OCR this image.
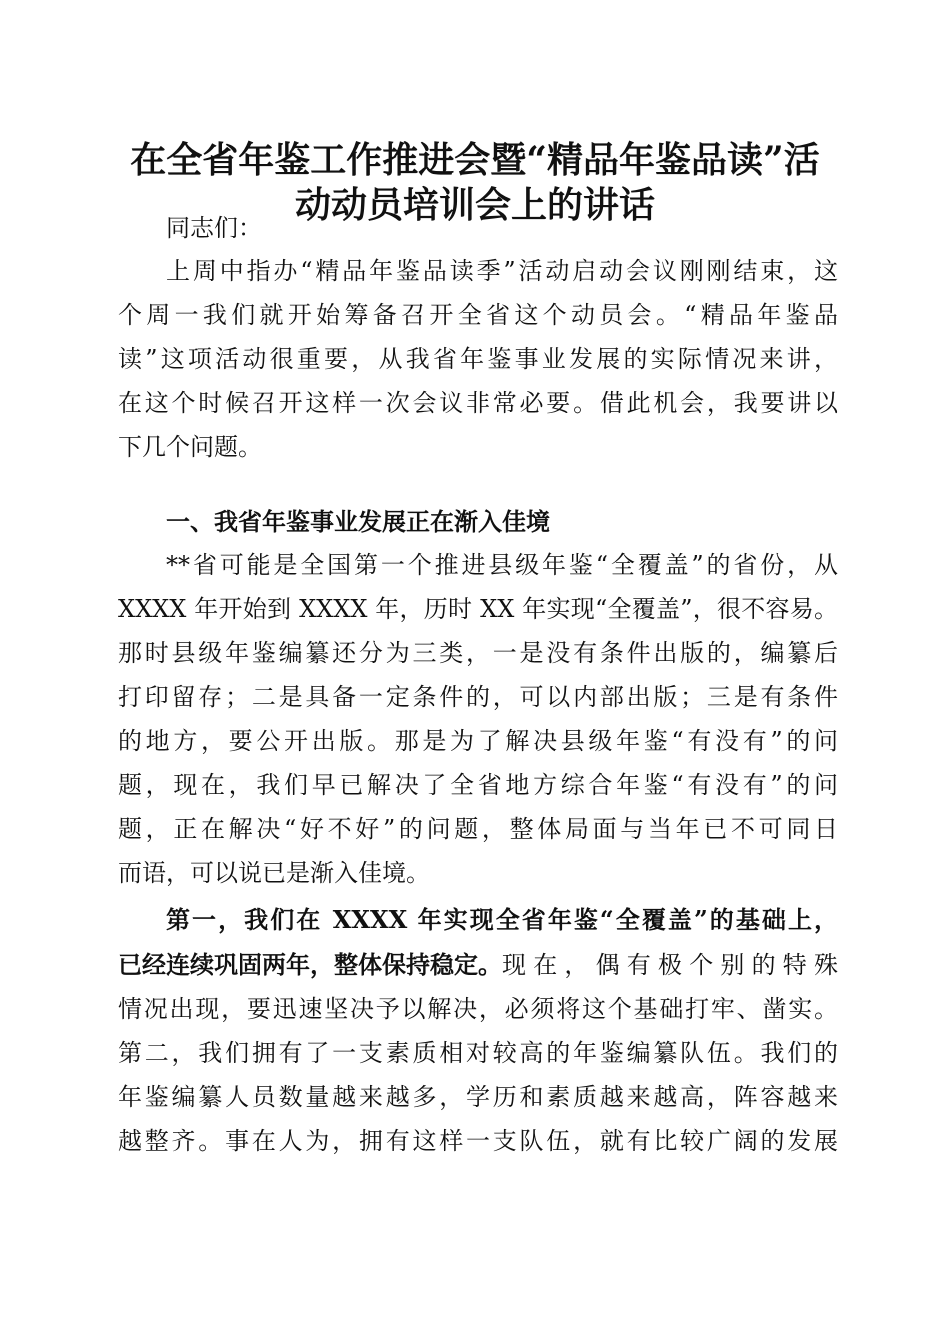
在全省年鉴工作推进会暨“精品年鉴品读”活
动动员培训会上的讲话

同志们：

上周中指办“精品年鉴品读季”活动启动会议刚刚结束，这

个周一我们就开始筹备召开全省这个动员会。“精品年鉴品

读”这项活动很重要，从我省年鉴事业发展的实际情况来讲，

在这个时候召开这样一次会议非常必要。借此机会，我要讲以

下几个问题。

一、我省年鉴事业发展正在渐入佳境

**省可能是全国第一个推进县级年鉴“全覆盖”的省份，从

XXXX 年开始到 XXXX 年，历时 XX 年实现“全覆盖”，很不容易。

那时县级年鉴编纂还分为三类，一是没有条件出版的，编纂后

打印留存；二是具备一定条件的，可以内部出版；三是有条件

的地方，要公开出版。那是为了解决县级年鉴“有没有”的问

题，现在，我们早已解决了全省地方综合年鉴“有没有”的问

题，正在解决“好不好”的问题，整体局面与当年已不可同日

而语，可以说已是渐入佳境。

第一，我们在 XXXX 年实现全省年鉴“全覆盖”的基础上，

已经连续巩固两年，整体保持稳定。 现在，偶有极个别的特殊

情况出现，要迅速坚决予以解决，必须将这个基础打牢、凿实。

第二，我们拥有了一支素质相对较高的年鉴编纂队伍。我们的

年鉴编纂人员数量越来越多，学历和素质越来越高，阵容越来

越整齐。事在人为，拥有这样一支队伍，就有比较广阔的发展
